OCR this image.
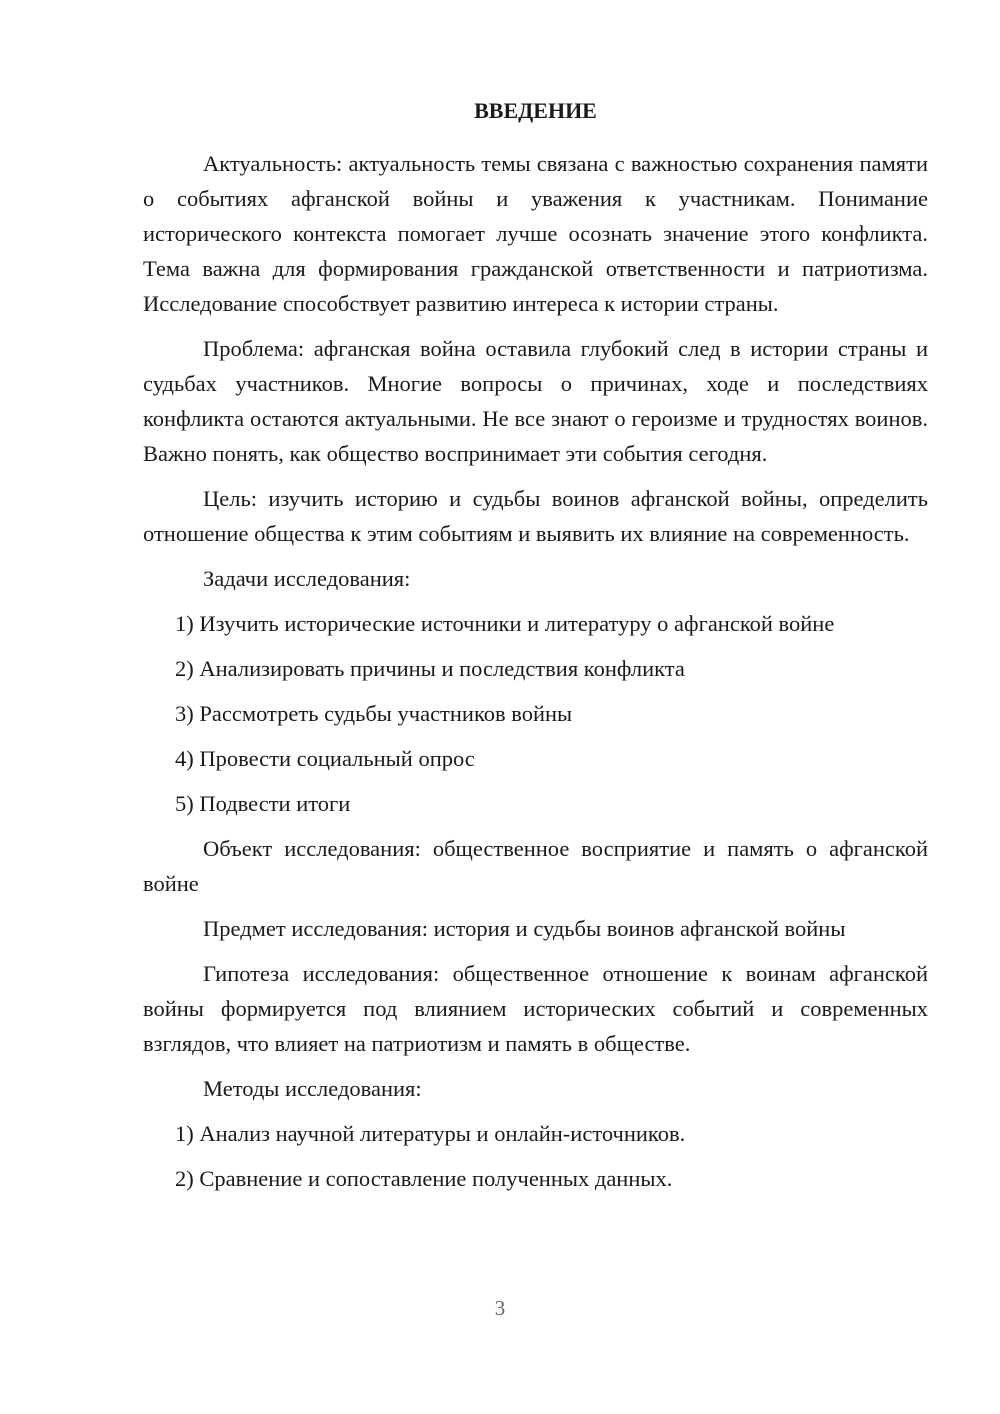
ВВЕДЕНИЕ

Актуальность: актуальность темы связана с важностью сохранения памяти о событиях афганской войны и уважения к участникам. Понимание исторического контекста помогает лучше осознать значение этого конфликта. Тема важна для формирования гражданской ответственности и патриотизма. Исследование способствует развитию интереса к истории страны.

Проблема: афганская война оставила глубокий след в истории страны и судьбах участников. Многие вопросы о причинах, ходе и последствиях конфликта остаются актуальными. Не все знают о героизме и трудностях воинов. Важно понять, как общество воспринимает эти события сегодня.

Цель: изучить историю и судьбы воинов афганской войны, определить отношение общества к этим событиям и выявить их влияние на современность.

Задачи исследования:

1) Изучить исторические источники и литературу о афганской войне

2) Анализировать причины и последствия конфликта

3) Рассмотреть судьбы участников войны

4) Провести социальный опрос

5) Подвести итоги

Объект исследования: общественное восприятие и память о афганской войне

Предмет исследования: история и судьбы воинов афганской войны

Гипотеза исследования: общественное отношение к воинам афганской войны формируется под влиянием исторических событий и современных взглядов, что влияет на патриотизм и память в обществе.

Методы исследования:

1) Анализ научной литературы и онлайн-источников.

2) Сравнение и сопоставление полученных данных.

3
